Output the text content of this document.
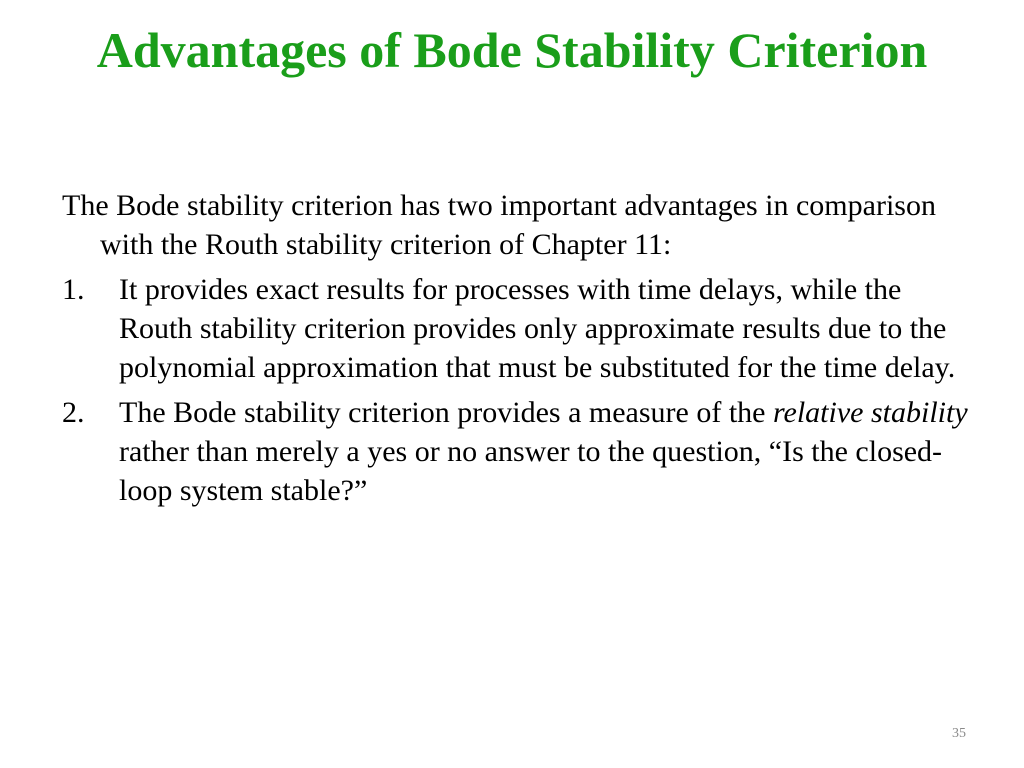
Advantages of Bode Stability Criterion

The Bode stability criterion has two important advantages in comparison with the Routh stability criterion of Chapter 11:

1.	It provides exact results for processes with time delays, while the Routh stability criterion provides only approximate results due to the polynomial approximation that must be substituted for the time delay.
2.	The Bode stability criterion provides a measure of the relative stability rather than merely a yes or no answer to the question, “Is the closed-loop system stable?”
35
